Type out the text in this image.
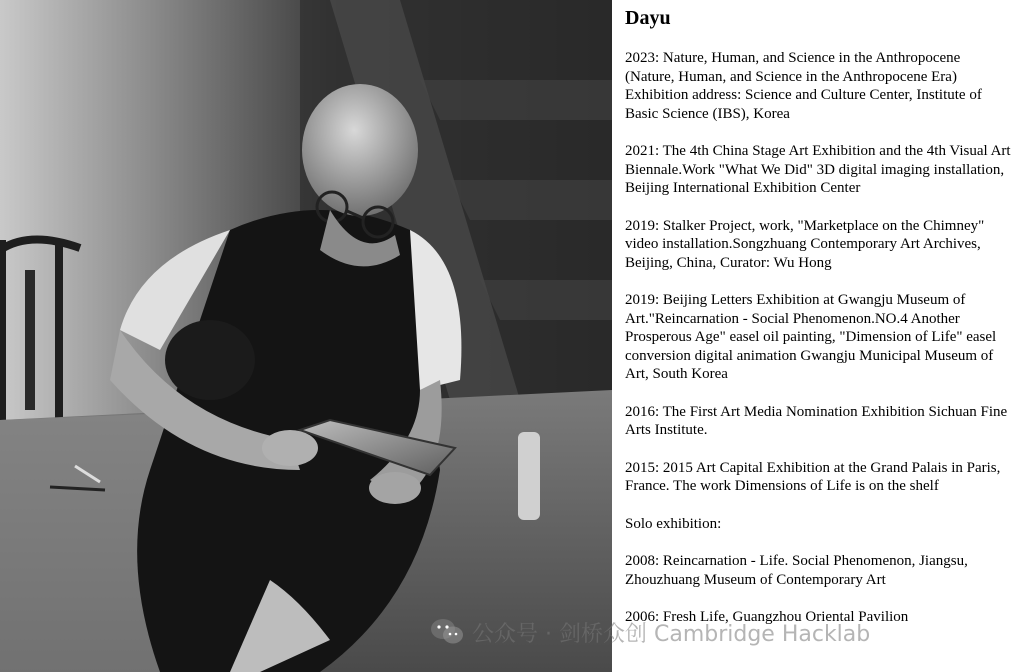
Dayu

2023: Nature, Human, and Science in the Anthropocene (Nature, Human, and Science in the Anthropocene Era) Exhibition address: Science and Culture Center, Institute of Basic Science (IBS), Korea

2021: The 4th China Stage Art Exhibition and the 4th Visual Art Biennale.Work "What We Did" 3D digital imaging installation, Beijing International Exhibition Center

2019: Stalker Project, work, "Marketplace on the Chimney" video installation.Songzhuang Contemporary Art Archives, Beijing, China, Curator: Wu Hong

2019: Beijing Letters Exhibition at Gwangju Museum of Art."Reincarnation - Social Phenomenon.NO.4 Another Prosperous Age" easel oil painting, "Dimension of Life" easel conversion digital animation Gwangju Municipal Museum of Art, South Korea

2016: The First Art Media Nomination Exhibition Sichuan Fine Arts Institute.

2015: 2015 Art Capital Exhibition at the Grand Palais in Paris, France. The work Dimensions of Life is on the shelf

Solo exhibition:

2008: Reincarnation - Life. Social Phenomenon, Jiangsu, Zhouzhuang Museum of Contemporary Art

2006: Fresh Life, Guangzhou Oriental Pavilion

公众号 · 剑桥众创 Cambridge Hacklab
